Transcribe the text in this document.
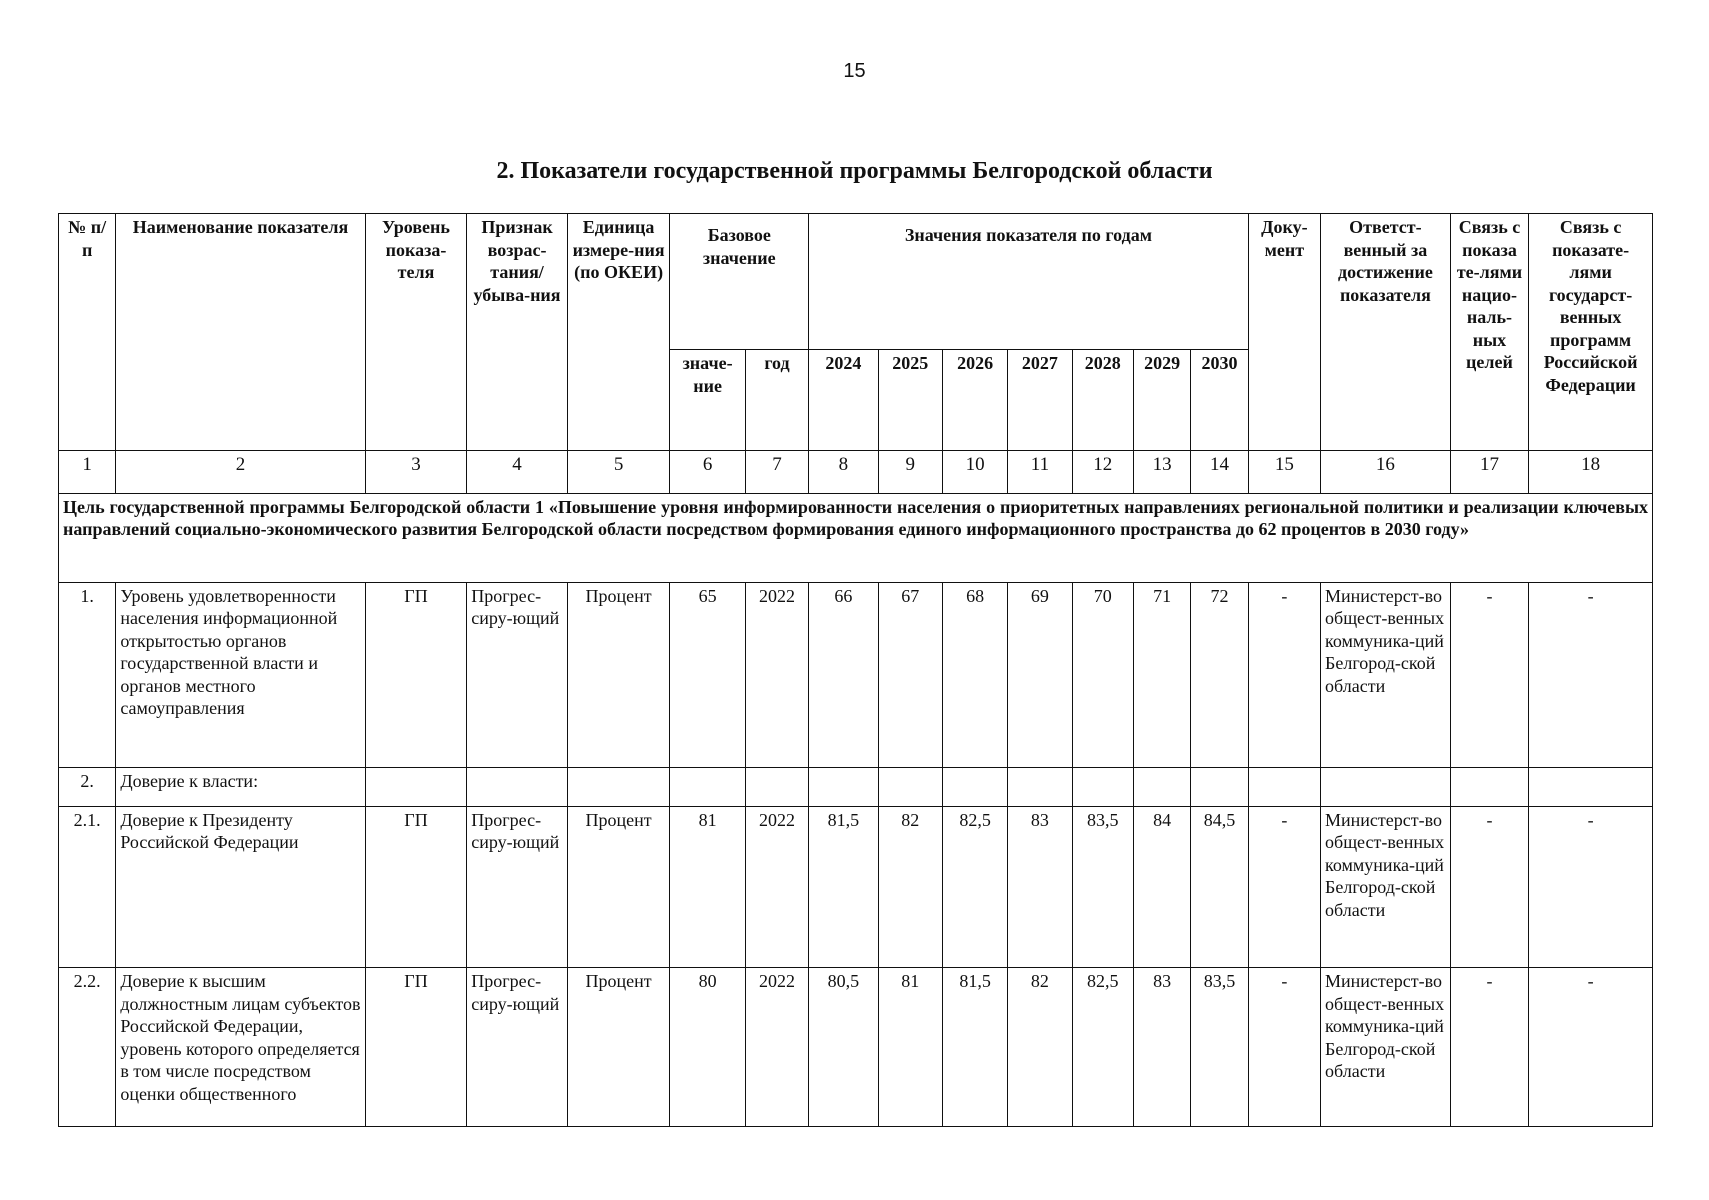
15
2. Показатели государственной программы Белгородской области
№ п/п	Наименование показателя	Уровень показа-теля	Признак возрас-тания/ убыва-ния	Единица измере-ния (по ОКЕИ)	Базовое значение		Значения показателя по годам							Доку-мент	Ответст-венный за достижение показателя	Связь с показа те-лями нацио-наль-ных целей	Связь с показате-лями государст-венных программ Российской Федерации
					значе-ние	год	2024	2025	2026	2027	2028	2029	2030				
1	2	3	4	5	6	7	8	9	10	11	12	13	14	15	16	17	18
Цель государственной программы Белгородской области 1 «Повышение уровня информированности населения о приоритетных направлениях региональной политики и реализации ключевых направлений социально-экономического развития Белгородской области посредством формирования единого информационного пространства до 62 процентов в 2030 году»																	
1.	Уровень удовлетворенности населения информационной открытостью органов государственной власти и органов местного самоуправления	ГП	Прогрес-сиру-ющий	Процент	65	2022	66	67	68	69	70	71	72	-	Министерст-во общест-венных коммуника-ций Белгород-ской области	-	-
2.	Доверие к власти:																
2.1.	Доверие к Президенту Российской Федерации	ГП	Прогрес-сиру-ющий	Процент	81	2022	81,5	82	82,5	83	83,5	84	84,5	-	Министерст-во общест-венных коммуника-ций Белгород-ской области	-	-
2.2.	Доверие к высшим должностным лицам субъектов Российской Федерации, уровень которого определяется в том числе посредством оценки общественного	ГП	Прогрес-сиру-ющий	Процент	80	2022	80,5	81	81,5	82	82,5	83	83,5	-	Министерст-во общест-венных коммуника-ций Белгород-ской области	-	-
